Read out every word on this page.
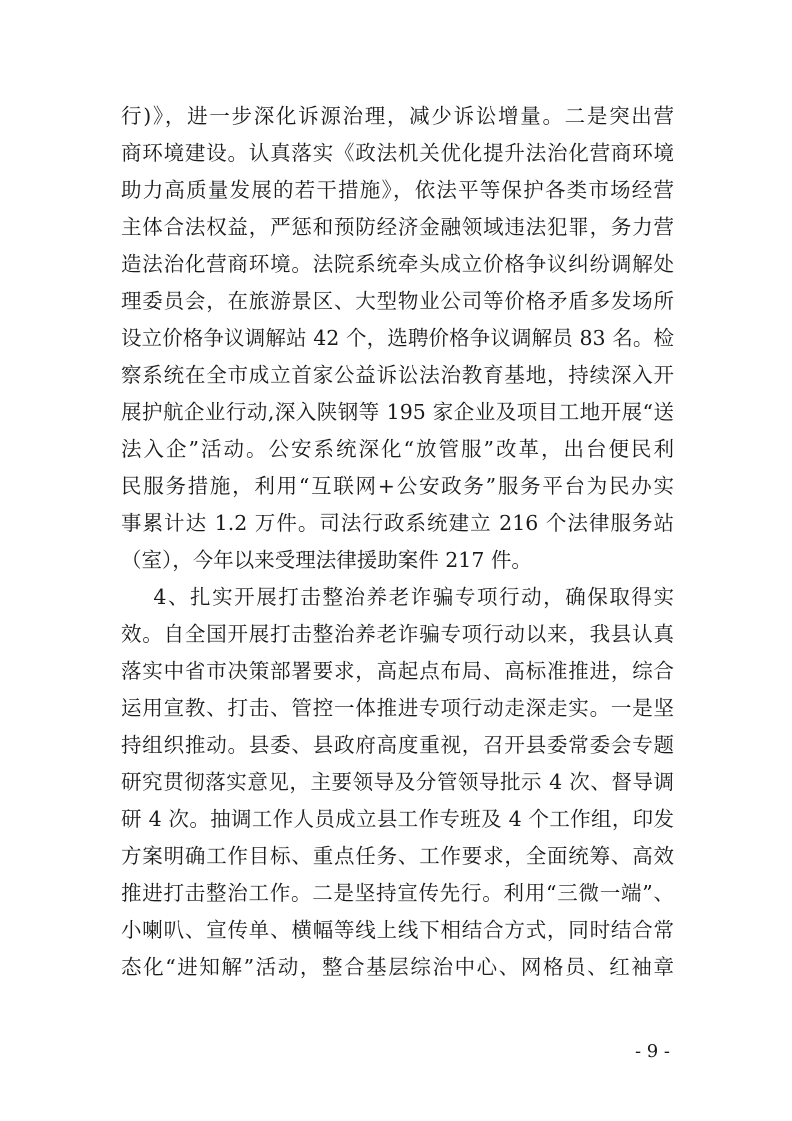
行)》，进一步深化诉源治理，减少诉讼增量。二是突出营
商环境建设。认真落实《政法机关优化提升法治化营商环境
助力高质量发展的若干措施》，依法平等保护各类市场经营
主体合法权益，严惩和预防经济金融领域违法犯罪，务力营
造法治化营商环境。法院系统牵头成立价格争议纠纷调解处
理委员会，在旅游景区、大型物业公司等价格矛盾多发场所
设立价格争议调解站 42 个，选聘价格争议调解员 83 名。检
察系统在全市成立首家公益诉讼法治教育基地，持续深入开
展护航企业行动,深入陕钢等 195 家企业及项目工地开展“送
法入企”活动。公安系统深化“放管服”改革，出台便民利
民服务措施，利用“互联网+公安政务”服务平台为民办实
事累计达 1.2 万件。司法行政系统建立 216 个法律服务站
（室），今年以来受理法律援助案件 217 件。
4、扎实开展打击整治养老诈骗专项行动，确保取得实
效。自全国开展打击整治养老诈骗专项行动以来，我县认真
落实中省市决策部署要求，高起点布局、高标准推进，综合
运用宣教、打击、管控一体推进专项行动走深走实。一是坚
持组织推动。县委、县政府高度重视，召开县委常委会专题
研究贯彻落实意见，主要领导及分管领导批示 4 次、督导调
研 4 次。抽调工作人员成立县工作专班及 4 个工作组，印发
方案明确工作目标、重点任务、工作要求，全面统筹、高效
推进打击整治工作。二是坚持宣传先行。利用“三微一端”、
小喇叭、宣传单、横幅等线上线下相结合方式，同时结合常
态化“进知解”活动，整合基层综治中心、网格员、红袖章
- 9 -
